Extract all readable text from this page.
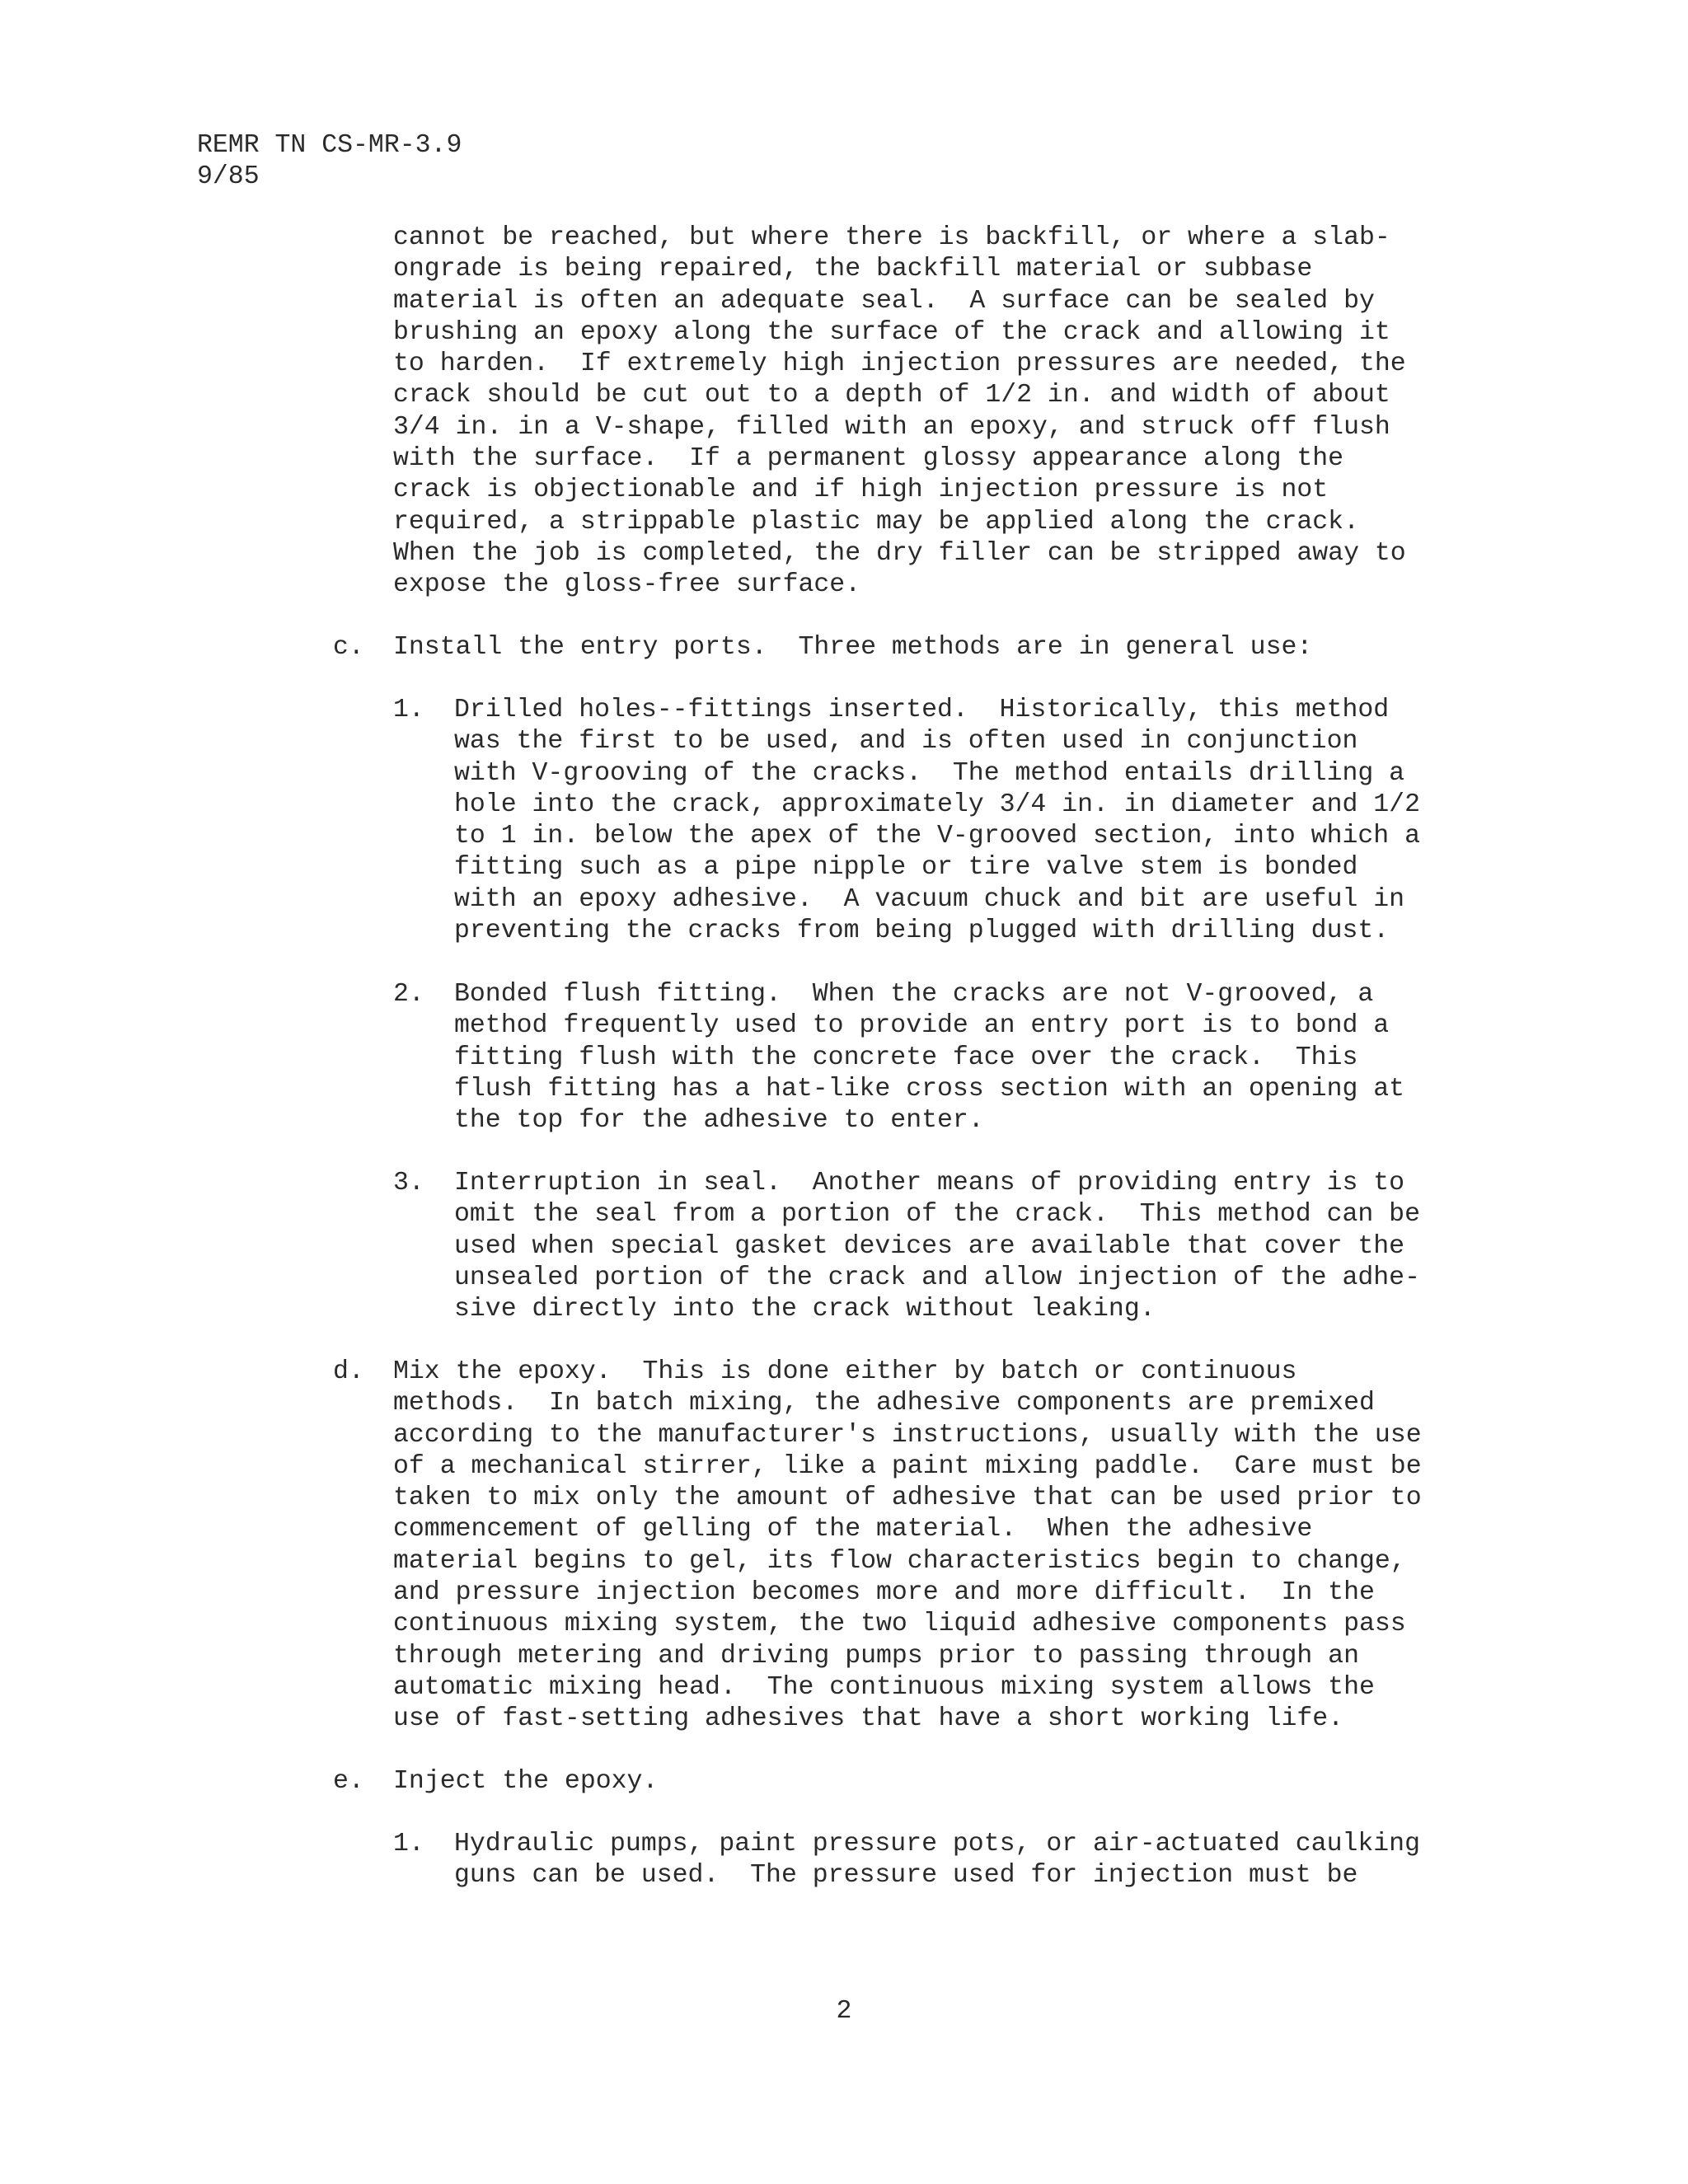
REMR TN CS-MR-3.9
9/85
cannot be reached, but where there is backfill, or where a slab-
ongrade is being repaired, the backfill material or subbase
material is often an adequate seal.  A surface can be sealed by
brushing an epoxy along the surface of the crack and allowing it
to harden.  If extremely high injection pressures are needed, the
crack should be cut out to a depth of 1/2 in. and width of about
3/4 in. in a V-shape, filled with an epoxy, and struck off flush
with the surface.  If a permanent glossy appearance along the
crack is objectionable and if high injection pressure is not
required, a strippable plastic may be applied along the crack.
When the job is completed, the dry filler can be stripped away to
expose the gloss-free surface.
c. Install the entry ports.  Three methods are in general use:
1. Drilled holes--fittings inserted.  Historically, this method
was the first to be used, and is often used in conjunction
with V-grooving of the cracks.  The method entails drilling a
hole into the crack, approximately 3/4 in. in diameter and 1/2
to 1 in. below the apex of the V-grooved section, into which a
fitting such as a pipe nipple or tire valve stem is bonded
with an epoxy adhesive.  A vacuum chuck and bit are useful in
preventing the cracks from being plugged with drilling dust.
2. Bonded flush fitting.  When the cracks are not V-grooved, a
method frequently used to provide an entry port is to bond a
fitting flush with the concrete face over the crack.  This
flush fitting has a hat-like cross section with an opening at
the top for the adhesive to enter.
3. Interruption in seal.  Another means of providing entry is to
omit the seal from a portion of the crack.  This method can be
used when special gasket devices are available that cover the
unsealed portion of the crack and allow injection of the adhe-
sive directly into the crack without leaking.
d. Mix the epoxy.  This is done either by batch or continuous
methods.  In batch mixing, the adhesive components are premixed
according to the manufacturer's instructions, usually with the use
of a mechanical stirrer, like a paint mixing paddle.  Care must be
taken to mix only the amount of adhesive that can be used prior to
commencement of gelling of the material.  When the adhesive
material begins to gel, its flow characteristics begin to change,
and pressure injection becomes more and more difficult.  In the
continuous mixing system, the two liquid adhesive components pass
through metering and driving pumps prior to passing through an
automatic mixing head.  The continuous mixing system allows the
use of fast-setting adhesives that have a short working life.
e. Inject the epoxy.
1. Hydraulic pumps, paint pressure pots, or air-actuated caulking
guns can be used.  The pressure used for injection must be
2
